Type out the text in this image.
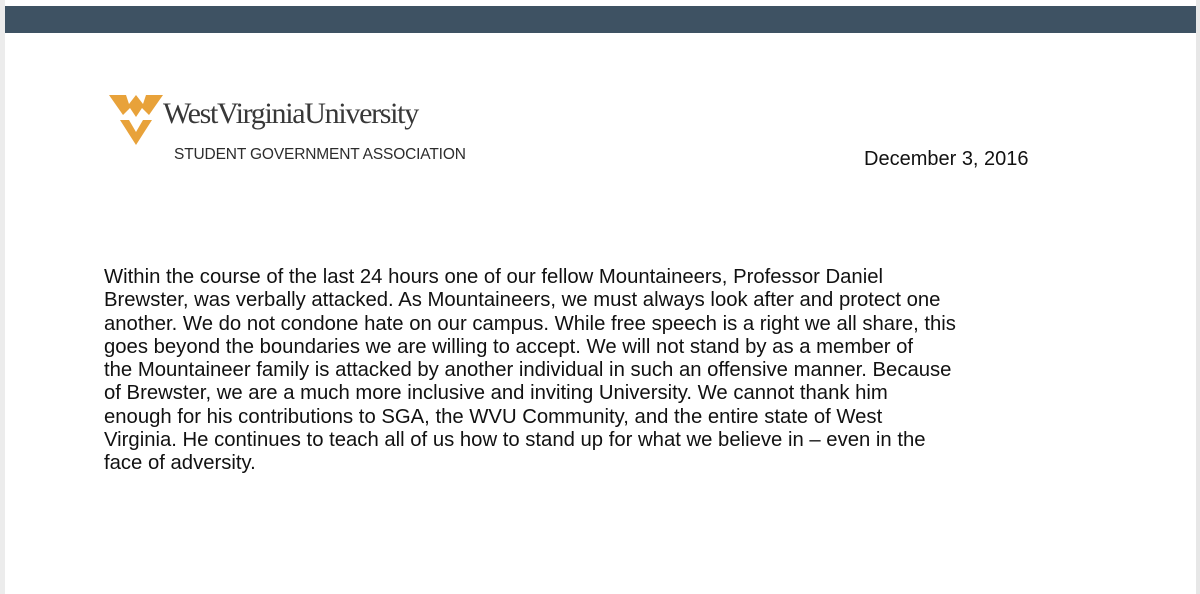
WestVirginiaUniversity
STUDENT GOVERNMENT ASSOCIATION	December 3, 2016
Within the course of the last 24 hours one of our fellow Mountaineers, Professor Daniel
Brewster, was verbally attacked. As Mountaineers, we must always look after and protect one
another. We do not condone hate on our campus. While free speech is a right we all share, this
goes beyond the boundaries we are willing to accept. We will not stand by as a member of
the Mountaineer family is attacked by another individual in such an offensive manner. Because
of Brewster, we are a much more inclusive and inviting University. We cannot thank him
enough for his contributions to SGA, the WVU Community, and the entire state of West
Virginia. He continues to teach all of us how to stand up for what we believe in – even in the
face of adversity.
